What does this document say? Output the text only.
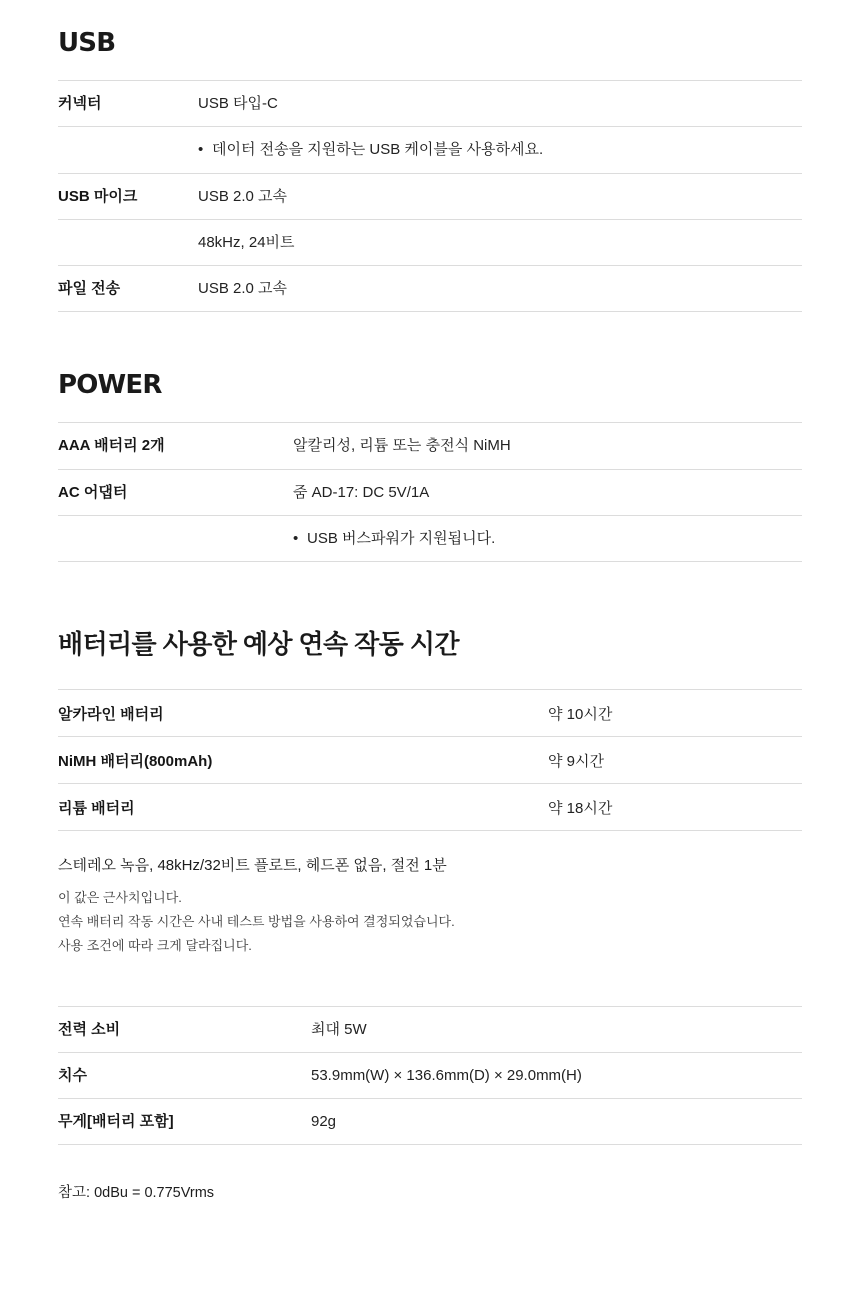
USB
커넥터	USB 타입-C
	•데이터 전송을 지원하는 USB 케이블을 사용하세요.
USB 마이크	USB 2.0 고속
	48kHz, 24비트
파일 전송	USB 2.0 고속
POWER
AAA 배터리 2개	알칼리성, 리튬 또는 충전식 NiMH
AC 어댑터	줌 AD-17: DC 5V/1A
	•USB 버스파워가 지원됩니다.
배터리를 사용한 예상 연속 작동 시간
알카라인 배터리	약 10시간
NiMH 배터리(800mAh)	약 9시간
리튬 배터리	약 18시간

스테레오 녹음, 48kHz/32비트 플로트, 헤드폰 없음, 절전 1분

이 값은 근사치입니다.

연속 배터리 작동 시간은 사내 테스트 방법을 사용하여 결정되었습니다.

사용 조건에 따라 크게 달라집니다.

전력 소비	최대 5W
치수	53.9mm(W) × 136.6mm(D) × 29.0mm(H)
무게[배터리 포함]	92g

참고: 0dBu = 0.775Vrms
